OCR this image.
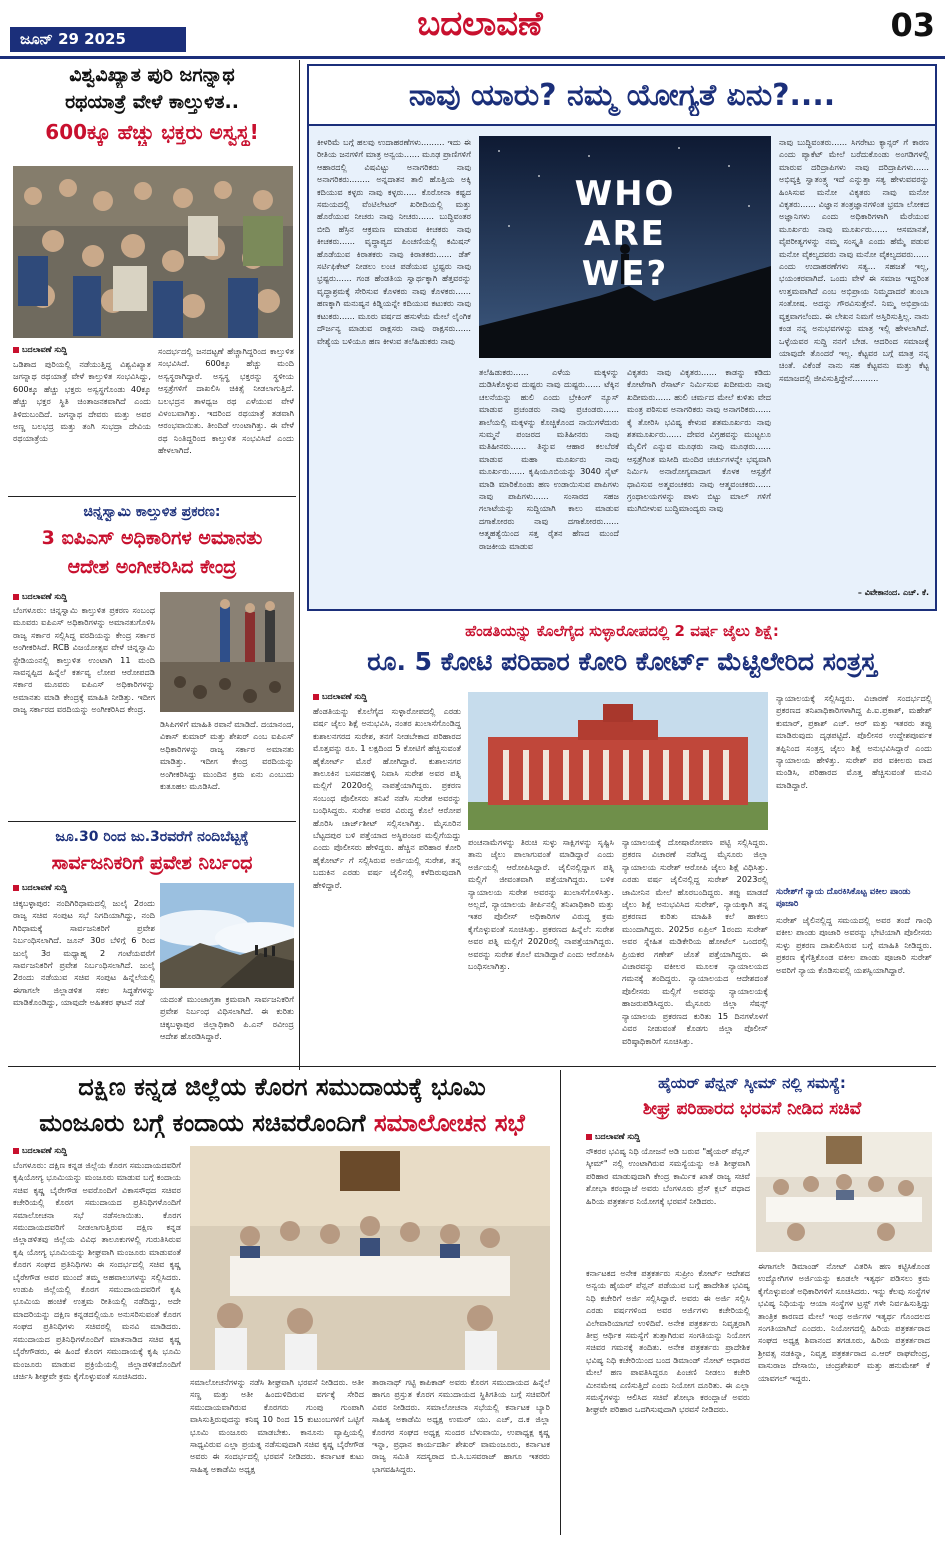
ಜೂನ್ 29 2025	ಬದಲಾವಣೆ	03
ವಿಶ್ವವಿಖ್ಯಾತ ಪುರಿ ಜಗನ್ನಾಥ
ರಥಯಾತ್ರೆ ವೇಳೆ ಕಾಲ್ತುಳಿತ..
600ಕ್ಕೂ ಹೆಚ್ಚು ಭಕ್ತರು ಅಸ್ವಸ್ಥ!
ಬದಲಾವಣೆ ಸುದ್ದಿ
ಒಡಿಶಾದ ಪುರಿಯಲ್ಲಿ ನಡೆಯುತ್ತಿದ್ದ ವಿಶ್ವವಿಖ್ಯಾತ ಜಗನ್ನಾಥ ರಥಯಾತ್ರೆ ವೇಳೆ ಕಾಲ್ತುಳಿತ ಸಂಭವಿಸಿದ್ದು, 600ಕ್ಕೂ ಹೆಚ್ಚು ಭಕ್ತರು ಅಸ್ವಸ್ಥಗೊಂಡು 40ಕ್ಕೂ ಹೆಚ್ಚು ಭಕ್ತರ ಸ್ಥಿತಿ ಚಿಂತಾಜನಕವಾಗಿದೆ ಎಂದು ತಿಳಿದುಬಂದಿದೆ. ಜಗನ್ನಾಥ ದೇವರು ಮತ್ತು ಅವರ ಅಣ್ಣ ಬಲಭದ್ರ ಮತ್ತು ತಂಗಿ ಸುಭದ್ರಾ ದೇವಿಯ ರಥಯಾತ್ರೆಯ
ಸಂದರ್ಭದಲ್ಲಿ ಜನದಟ್ಟಣೆ ಹೆಚ್ಚಾಗಿದ್ದರಿಂದ ಕಾಲ್ತುಳಿತ ಸಂಭವಿಸಿದೆ. 600ಕ್ಕೂ ಹೆಚ್ಚು ಮಂದಿ ಅಸ್ವಸ್ಥರಾಗಿದ್ದಾರೆ. ಅಸ್ವಸ್ಥ ಭಕ್ತರನ್ನು ಸ್ಥಳೀಯ ಆಸ್ಪತ್ರೆಗಳಿಗೆ ದಾಖಲಿಸಿ ಚಿಕಿತ್ಸೆ ನೀಡಲಾಗುತ್ತಿದೆ. ಬಲಭದ್ರನ ತಾಳಧ್ವಜ ರಥ ಎಳೆಯುವ ವೇಳೆ ವಿಳಂಬವಾಗಿತ್ತು. ಇದರಿಂದ ರಥಯಾತ್ರೆ ತಡವಾಗಿ ಆರಂಭವಾಯಿತು. ತೀಂದಿಡೆ ಉಂಟಾಗಿತ್ತು. ಈ ವೇಳೆ ರಥ ನಿಂತಿದ್ದರಿಂದ ಕಾಲ್ತುಳಿತ ಸಂಭವಿಸಿದೆ ಎಂದು ಹೇಳಲಾಗಿದೆ.
ಚಿನ್ನಸ್ವಾಮಿ ಕಾಲ್ತುಳಿತ ಪ್ರಕರಣ:
3 ಐಪಿಎಸ್ ಅಧಿಕಾರಿಗಳ ಅಮಾನತು
ಆದೇಶ ಅಂಗೀಕರಿಸಿದ ಕೇಂದ್ರ
ಬದಲಾವಣೆ ಸುದ್ದಿ
ಬೆಂಗಳೂರು: ಚಿನ್ನಸ್ವಾಮಿ ಕಾಲ್ತುಳಿತ ಪ್ರಕರಣ ಸಂಬಂಧ ಮೂವರು ಐಪಿಎಸ್ ಅಧಿಕಾರಿಗಳನ್ನು ಅಮಾನತುಗೊಳಿಸಿ ರಾಜ್ಯ ಸರ್ಕಾರ ಸಲ್ಲಿಸಿದ್ದ ವರದಿಯನ್ನು ಕೇಂದ್ರ ಸರ್ಕಾರ ಅಂಗೀಕರಿಸಿದೆ. RCB ವಿಜಯೋತ್ಸವ ವೇಳೆ ಚಿನ್ನಸ್ವಾಮಿ ಸ್ಟೇಡಿಯಂನಲ್ಲಿ ಕಾಲ್ತುಳಿತ ಉಂಟಾಗಿ 11 ಮಂದಿ ಸಾವನ್ನಪ್ಪಿದ ಹಿನ್ನೆಲೆ ಕರ್ತವ್ಯ ಲೋಪ ಆರೋಪದಡಿ ಸರ್ಕಾರ ಮೂವರು ಐಪಿಎಸ್ ಅಧಿಕಾರಿಗಳನ್ನು ಅಮಾನತು ಮಾಡಿ ಕೇಂದ್ರಕ್ಕೆ ಮಾಹಿತಿ ನೀಡಿತ್ತು. ಇದೀಗ ರಾಜ್ಯ ಸರ್ಕಾರದ ವರದಿಯನ್ನು ಅಂಗೀಕರಿಸಿದ ಕೇಂದ್ರ.
ಡಿಸಿಪಿಗಳಿಗೆ ಮಾಹಿತಿ ರವಾನೆ ಮಾಡಿದೆ. ದಯಾನಂದ, ವಿಕಾಸ್ ಕುಮಾರ್ ಮತ್ತು ಶೇಖರ್ ಎಂಬ ಐಪಿಎಸ್ ಅಧಿಕಾರಿಗಳನ್ನು ರಾಜ್ಯ ಸರ್ಕಾರ ಅಮಾನತು ಮಾಡಿತ್ತು. ಇದೀಗ ಕೇಂದ್ರ ವರದಿಯನ್ನು ಅಂಗೀಕರಿಸಿದ್ದು ಮುಂದಿನ ಕ್ರಮ ಏನು ಎಂಬುದು ಕುತೂಹಲ ಮೂಡಿಸಿದೆ.
ಜೂ.30 ರಿಂದ ಜು.3ರವರೆಗೆ ನಂದಿಬೆಟ್ಟಕ್ಕೆ
ಸಾರ್ವಜನಿಕರಿಗೆ ಪ್ರವೇಶ ನಿರ್ಬಂಧ
ಬದಲಾವಣೆ ಸುದ್ದಿ
ಚಿಕ್ಕಬಳ್ಳಾಪುರ: ನಂದಿಗಿರಿಧಾಮದಲ್ಲಿ ಜುಲೈ 2ರಂದು ರಾಜ್ಯ ಸಚಿವ ಸಂಪುಟ ಸಭೆ ನಿಗದಿಯಾಗಿದ್ದು, ನಂದಿ ಗಿರಿಧಾಮಕ್ಕೆ ಸಾರ್ವಜನಿಕರಿಗೆ ಪ್ರವೇಶ ನಿರ್ಬಂಧಿಸಲಾಗಿದೆ. ಜೂನ್ 30ರ ಬೆಳಿಗ್ಗೆ 6 ರಿಂದ ಜುಲೈ 3ರ ಮಧ್ಯಾಹ್ನ 2 ಗಂಟೆಯವರೆಗೆ ಸಾರ್ವಜನಿಕರಿಗೆ ಪ್ರವೇಶ ನಿರ್ಬಂಧಿಸಲಾಗಿದೆ. ಜುಲೈ 2ರಂದು ನಡೆಯುವ ಸಚಿವ ಸಂಪುಟ ಹಿನ್ನೆಲೆಯಲ್ಲಿ ಈಗಾಗಲೇ ಜಿಲ್ಲಾಡಳಿತ ಸಕಲ ಸಿದ್ಧತೆಗಳನ್ನು ಮಾಡಿಕೊಂಡಿದ್ದು, ಯಾವುದೇ ಅಹಿತಕರ ಘಟನೆ ನಡೆ	ಯದಂತೆ ಮುಂಜಾಗ್ರತಾ ಕ್ರಮವಾಗಿ ಸಾರ್ವಜನಿಕರಿಗೆ ಪ್ರವೇಶ ನಿರ್ಬಂಧ ವಿಧಿಸಲಾಗಿದೆ. ಈ ಕುರಿತು ಚಿಕ್ಕಬಳ್ಳಾಪುರ ಜಿಲ್ಲಾಧಿಕಾರಿ ಪಿ.ಎನ್ ರವೀಂದ್ರ ಆದೇಶ ಹೊರಡಿಸಿದ್ದಾರೆ.
ನಾವು ಯಾರು? ನಮ್ಮ ಯೋಗ್ಯತೆ ಏನು?....
ಕೀಳರಿಮೆ ಬಗ್ಗೆ ಹಲವು ಉದಾಹರಣೆಗಳು......... ಇದು ಈ ರೀತಿಯ ಜನಗಳಿಗೆ ಮಾತ್ರ ಅನ್ವಯ...... ಮೂಢ ಪ್ರಾಣಿಗಳಿಗೆ ಆಹಾರದಲ್ಲಿ ವಿಷವಿಟ್ಟು ಅನಾಗರಿಕರು ನಾವು ಅನಾಗರಿಕರು........ ಅನ್ನದಾತನ ತಾಲಿ ಹೊತ್ತಿಯ ಅಕ್ಕಿ ಕದಿಯುವ ಕಳ್ಳರು ನಾವು ಕಳ್ಳರು..... ಕೊರೋನಾ ಕಷ್ಟದ ಸಮಯದಲ್ಲಿ ವೆಂಟಿಲೇಟರ್ ಖರೀದಿಯಲ್ಲಿ ಮತ್ತು ಹೊರೆಯುವ ನೀಚರು ನಾವು ನೀಚರು...... ಬುದ್ಧಿವಂತರ ಬೀದಿ ಹೆಸ್ರಿನ ಆಕ್ರಮಣ ಮಾಡುವ ಕೀಚಕರು ನಾವು ಕೀಚಕರು...... ವೃದ್ಧಾಪ್ಯದ ಪಿಂಚಣಿಯಲ್ಲಿ ಕಮಿಷನ್ ಹೊಡೆಯುವ ಕಿರಾತಕರು ನಾವು ಕಿರಾತಕರು...... ಡೆತ್ ಸರ್ಟಿಫಿಕೇಟ್ ನೀಡಲು ಲಂಚ ಪಡೆಯುವ ಭ್ರಷ್ಟರು ನಾವು ಭ್ರಷ್ಟರು...... ಗಂಡ ಹೆಂಡತಿಯ ಸ್ವಾರ್ಥಕ್ಕಾಗಿ ಹೆತ್ತವರನ್ನು ವೃದ್ಧಾಶ್ರಮಕ್ಕೆ ಸೇರಿಸುವ ಕೊಳಕರು ನಾವು ಕೊಳಕರು...... ಹಣಕ್ಕಾಗಿ ಮನುಷ್ಯನ ಕಿಡ್ನಿಯನ್ನೇ ಕದಿಯುವ ಕಟುಕರು ನಾವು ಕಟುಕರು...... ಮೂರು ವರ್ಷದ ಹಸುಳೆಯ ಮೇಲೆ ಲೈಂಗಿಕ ದೌರ್ಜನ್ಯ ಮಾಡುವ ರಾಕ್ಷಸರು ನಾವು ರಾಕ್ಷಸರು...... ವೇಶ್ಯೆಯ ಬಳಿಯೂ ಹಣ ಕೀಳುವ ತಲೆಹಿಡುಕರು ನಾವು
WHO ARE WE?
ತಲೆಹಿಡುಕರು...... ಎಳೆಯ ಮಕ್ಕಳನ್ನು ದುಡಿಸಿಕೊಳ್ಳುವ ದುಷ್ಟರು ನಾವು ದುಷ್ಟರು...... ಟೆಕ್ಕಿನ ಚಲನೆಯನ್ನು ಹುಲಿ ಎಂದು ಬ್ರೇಕಿಂಗ್ ನ್ಯೂಸ್ ಮಾಡುವ ಪ್ರಚಂಡರು ನಾವು ಪ್ರಚಂಡರು...... ಶಾಲೆಯಲ್ಲಿ ಮಕ್ಕಳನ್ನು ಕೊಚ್ಚಿಕೊಂದ ನಾಯಿಗಳೆದುರು ಸುಮ್ಮನೆ ಪಂಜರದ ಮತಿಹೀನರು ನಾವು ಮತಿಹೀನರು...... ತಿನ್ನುವ ಆಹಾರ ಕಲಬೆರಕೆ ಮಾಡುವ ಮಹಾ ಮೂರ್ಖರು ನಾವು ಮೂರ್ಖರು...... ಕೃಷಿಯೂಬಿಯನ್ನು 3040 ಸೈಟ್ ಮಾಡಿ ಮಾರಿಕೊಂಡು ಹಣ ಉಡಾಯಿಸುವ ಪಾಪಿಗಳು ನಾವು ಪಾಪಿಗಳು...... ಸಂಸಾರದ ಸಹಜ ಗಲಾಟೆಯನ್ನು ಸುದ್ದಿಯಾಗಿ ಕಾಲು ಮಾಡುವ ದಗಾಕೋರರು ನಾವು ದಗಾಕೋರರು...... ಆತ್ಮಹತ್ಯೆಯಿಂದ ಸತ್ತ ರೈತನ ಹೆಣದ ಮುಂದೆ ರಾಜಕೀಯ ಮಾಡುವ
ವಿಕೃತರು ನಾವು ವಿಕೃತರು...... ಕಾಡನ್ನು ಕಡಿದು ಕೋಟೆಗಾಗಿ ರೆಸಾರ್ಟ್ ನಿರ್ಮಿಸುವ ಖದೀಮರು ನಾವು ಖದೀಮರು...... ಹುಲಿ ಚರ್ಮದ ಮೇಲೆ ಕುಳಿತು ವೇದ ಮಂತ್ರ ಪಠಿಸುವ ಅನಾಗರಿಕರು ನಾವು ಅನಾಗರಿಕರು...... ಕೈ ತೋರಿಸಿ ಭವಿಷ್ಯ ಕೇಳುವ ಶತಮೂರ್ಖರು ನಾವು ಶತಮೂರ್ಖರು...... ದೇವರ ವಿಗ್ರಹವನ್ನು ಮುಟ್ಟಲೂ ಮೈಲಿಗೆ ಎನ್ನುವ ಮೂಢರು ನಾವು ಮೂಢರು...... ಆಸ್ಪತ್ರೆಗಿಂತ ಮಸೀದಿ ಮಂದಿರ ಚರ್ಚುಗಳನ್ನೇ ಭವ್ಯವಾಗಿ ನಿರ್ಮಿಸಿ ಅನಾರೋಗ್ಯವಾದಾಗ ಕೊಳಕ ಆಸ್ಪತ್ರೆಗೆ ಧಾವಿಸುವ ಅತ್ಮವಂಚಕರು ನಾವು ಆತ್ಮವಂಚಕರು...... ಗ್ರಂಥಾಲಯಗಳನ್ನು ಪಾಳು ಬಿಟ್ಟು ಮಾಲ್ ಗಳಿಗೆ ಮುಗಿಬೀಳುವ ಬುದ್ಧಿಮಾಂದ್ಯರು ನಾವು
ನಾವು ಬುದ್ಧಿವಂತರು...... ಸಿಗರೇಟು ಕ್ಯಾನ್ಸರ್ ಗೆ ಕಾರಣ ಎಂದು ಪ್ಯಾಕೆಟ್ ಮೇಲೆ ಬರೆದುಕೊಂಡು ಅಂಗಡಿಗಳಲ್ಲಿ ಮಾರುವ ದರಿದ್ರಾಪಿಗಳು ನಾವು ದರಿದ್ರಾಪಿಗಳು...... ಅಭಿವ್ಯಕ್ತಿ ಸ್ವಾತಂತ್ರ್ಯ ಇದೆ ಎನ್ನುತ್ತಾ ಸತ್ಯ ಹೇಳುವವರನ್ನು ಹಿಂಸಿಸುವ ಮನೋ ವಿಕೃತರು ನಾವು ಮನೋ ವಿಕೃತರು...... ವಿಜ್ಞಾನ ತಂತ್ರಜ್ಞಾನಗಳಿಂತ ಭ್ರಮಾ ಲೋಕದ ಅಜ್ಞಾನಿಗಳು ಎಂದು ಅಧಿಕಾರಿಗಳಾಗಿ ಮೆರೆಯುವ ಮೂರ್ಖರು ನಾವು ಮೂರ್ಖರು...... ಆಸಮಾನತೆ, ವೈಪರೀತ್ಯಗಳನ್ನು ನಮ್ಮ ಸಂಸ್ಕೃತಿ ಎಂದು ಹೆಮ್ಮೆ ಪಡುವ ಮನೋ ವೈಕಲ್ಯದವರು ನಾವು ಮನೋ ವೈಕಲ್ಯದವರು...... ಎಂದು ಉದಾಹರಣೆಗಳು ಸತ್ಯ... ಸಹಜತೆ ಇಲ್ಲ, ಭಯಂಕರವಾಗಿದೆ. ಒಂದು ವೇಳೆ ಈ ಸಮಾಜ ಇದ್ದರಿಂತ ಉತ್ತಮವಾಗಿದೆ ಎಂಬ ಅಭಿಪ್ರಾಯ ನಿಮ್ಮದಾದರೆ ತುಂಬಾ ಸಂತೋಷ. ಅದನ್ನು ಗೌರವಿಸುತ್ತೇನೆ. ನಿಮ್ಮ ಅಭಿಪ್ರಾಯ ವ್ಯಕ್ತವಾಗಲೆಂದು. ಈ ಲೇಖನ ನಿಮಗೆ ಅಸ್ತಿರಿಸುತ್ತಿಲ್ಲ. ನಾನು ಕಂಡ ನನ್ನ ಅನುಭವಗಳನ್ನು ಮಾತ್ರ ಇಲ್ಲಿ ಹೇಳಲಾಗಿದೆ. ಒಳ್ಳೆಯವರ ಸುದ್ದಿ ನನಗೆ ಬೇಡ. ಆದರಿಂದ ಸಮಾಜಕ್ಕೆ ಯಾವುದೇ ತೊಂದರೆ ಇಲ್ಲ. ಕೆಟ್ಟವರ ಬಗ್ಗೆ ಮಾತ್ರ ನನ್ನ ಚಿಂತೆ. ವಿಕೆಂಡೆ ನಾನು ಸಹ ಕೆಟ್ಟವನು ಮತ್ತು ಕೆಟ್ಟ ಸಮಾಜದಲ್ಲಿ ಜೀವಿಸುತ್ತಿದ್ದೇನೆ..........
– ವಿವೇಕಾನಂದ. ಎಚ್. ಕೆ.
ಹೆಂಡತಿಯನ್ನು ಕೊಲೆಗೈದ ಸುಳ್ಳಾರೋಪದಲ್ಲಿ 2 ವರ್ಷ ಜೈಲು ಶಿಕ್ಷೆ:
ರೂ. 5 ಕೋಟಿ ಪರಿಹಾರ ಕೋರಿ ಕೋರ್ಟ್ ಮೆಟ್ಟಿಲೇರಿದ ಸಂತ್ರಸ್ತ
ಬದಲಾವಣೆ ಸುದ್ದಿ
ಹೆಂಡತಿಯನ್ನು ಕೊಲೆಗೈದ ಸುಳ್ಳಾರೋಪದಲ್ಲಿ ಎರಡು ವರ್ಷ ಜೈಲು ಶಿಕ್ಷೆ ಅನುಭವಿಸಿ, ನಂತರ ಖುಲಾಸೆಗೊಂಡಿದ್ದ ಕುಶಾಲನಗರದ ಸುರೇಶ, ತನಗೆ ನೀಡಬೇಕಾದ ಪರಿಹಾರದ ಮೊತ್ತವನ್ನು ರೂ. 1 ಲಕ್ಷದಿಂದ 5 ಕೋಟಿಗೆ ಹೆಚ್ಚಿಸುವಂತೆ ಹೈಕೋರ್ಟ್ ಮೊರೆ ಹೋಗಿದ್ದಾರೆ. ಕುಶಾಲನಗರ ತಾಲೂಕಿನ ಬಸವನಹಳ್ಳಿ ನಿವಾಸಿ ಸುರೇಶ ಅವರ ಪತ್ನಿ ಮಲ್ಲಿಗೆ 2020ರಲ್ಲಿ ನಾಪತ್ತೆಯಾಗಿದ್ದರು. ಪ್ರಕರಣ ಸಂಬಂಧ ಪೊಲೀಸರು ತನಿಖೆ ನಡೆಸಿ ಸುರೇಶ ಅವರನ್ನು ಬಂಧಿಸಿದ್ದರು. ಸುರೇಶ ಅವರ ವಿರುದ್ಧ ಕೊಲೆ ಆರೋಪ ಹೊರಿಸಿ ಚಾರ್ಜ್‌ಶೀಟ್ ಸಲ್ಲಿಸಲಾಗಿತ್ತು. ಮೈಸೂರಿನ ಬೆಟ್ಟದಪುರ ಬಳಿ ಪತ್ತೆಯಾದ ಅಸ್ಥಿಪಂಜರ ಮಲ್ಲಿಗೆಯದ್ದು ಎಂದು ಪೊಲೀಸರು ಹೇಳಿದ್ದರು. ಹೆಚ್ಚಿನ ಪರಿಹಾರ ಕೋರಿ ಹೈಕೋರ್ಟ್ ಗೆ ಸಲ್ಲಿಸಿರುವ ಅರ್ಜಿಯಲ್ಲಿ ಸುರೇಶ, ತನ್ನ ಬದುಕಿನ ಎರಡು ವರ್ಷ ಜೈಲಿನಲ್ಲಿ ಕಳೆದಿರುವುದಾಗಿ ಹೇಳಿದ್ದಾರೆ.
ಪಂಚನಾಮೆಗಳನ್ನು ತಿರುಚಿ ಸುಳ್ಳು ಸಾಕ್ಷಿಗಳನ್ನು ಸೃಷ್ಟಿಸಿ ತಾನು ಜೈಲು ಪಾಲಾಗುವಂತೆ ಮಾಡಿದ್ದಾರೆ ಎಂದು ಅರ್ಜಿಯಲ್ಲಿ ಆರೋಪಿಸಿದ್ದಾರೆ. ಜೈಲಿನಲ್ಲಿದ್ದಾಗ ಪತ್ನಿ ಮಲ್ಲಿಗೆ ಜೀವಂತವಾಗಿ ಪತ್ತೆಯಾಗಿದ್ದರು. ಬಳಿಕ ನ್ಯಾಯಾಲಯ ಸುರೇಶ ಅವರನ್ನು ಖುಲಾಸೆಗೊಳಿಸಿತ್ತು. ಅಲ್ಲದೆ, ನ್ಯಾಯಾಲಯ ತೀರ್ಪಿನಲ್ಲಿ ತನಿಖಾಧಿಕಾರಿ ಮತ್ತು ಇತರ ಪೊಲೀಸ್ ಅಧಿಕಾರಿಗಳ ವಿರುದ್ಧ ಕ್ರಮ ಕೈಗೊಳ್ಳುವಂತೆ ಸೂಚಿಸಿತ್ತು. ಪ್ರಕರಣದ ಹಿನ್ನೆಲೆ: ಸುರೇಶ ಅವರ ಪತ್ನಿ ಮಲ್ಲಿಗೆ 2020ರಲ್ಲಿ ನಾಪತ್ತೆಯಾಗಿದ್ದರು. ಅವರನ್ನು ಸುರೇಶ ಕೊಲೆ ಮಾಡಿದ್ದಾರೆ ಎಂದು ಆರೋಪಿಸಿ ಬಂಧಿಸಲಾಗಿತ್ತು.
ನ್ಯಾಯಾಲಯಕ್ಕೆ ದೋಷಾರೋಪಣ ಪಟ್ಟಿ ಸಲ್ಲಿಸಿದ್ದರು. ಪ್ರಕರಣ ವಿಚಾರಣೆ ನಡೆಸಿದ್ದ ಮೈಸೂರು ಜಿಲ್ಲಾ ನ್ಯಾಯಾಲಯ ಸುರೇಶ್ ಆರೋಪಿ ಜೈಲು ಶಿಕ್ಷೆ ವಿಧಿಸಿತ್ತು. ಎರಡು ವರ್ಷ ಜೈಲಿನಲ್ಲಿದ್ದ ಸುರೇಶ್ 2023ರಲ್ಲಿ ಜಾಮೀನಿನ ಮೇಲೆ ಹೊರಬಂದಿದ್ದರು. ತಪ್ಪು ಮಾಡದೆ ಜೈಲು ಶಿಕ್ಷೆ ಅನುಭವಿಸಿದ ಸುರೇಶ್, ನ್ಯಾಯಕ್ಕಾಗಿ ತನ್ನ ಪ್ರಕರಣದ ಕುರಿತು ಮಾಹಿತಿ ಕಲೆ ಹಾಕಲು ಮುಂದಾಗಿದ್ದರು. 2025ರ ಏಪ್ರಿಲ್ 1ರಂದು ಸುರೇಶ್ ಅವರ ಸ್ನೇಹಿತ ಮಡಿಕೇರಿಯ ಹೋಟೆಲ್ ಒಂದರಲ್ಲಿ ಪ್ರಿಯಕರ ಗಣೇಶ್ ಜೊತೆ ಪತ್ತೆಯಾಗಿದ್ದರು. ಈ ವಿಚಾರವನ್ನು ವಕೀಲರ ಮೂಲಕ ನ್ಯಾಯಾಲಯದ ಗಮನಕ್ಕೆ ತಂದಿದ್ದರು. ನ್ಯಾಯಾಲಯದ ಆದೇಶದಂತೆ ಪೊಲೀಸರು ಮಲ್ಲಿಗೆ ಅವರನ್ನು ನ್ಯಾಯಾಲಯಕ್ಕೆ ಹಾಜರುಪಡಿಸಿದ್ದರು. ಮೈಸೂರು ಜಿಲ್ಲಾ ಸೆಷನ್ಸ್ ನ್ಯಾಯಾಲಯ ಪ್ರಕರಣದ ಕುರಿತು 15 ದಿನಗಳೊಳಗೆ ವಿವರ ನೀಡುವಂತೆ ಕೊಡಗು ಜಿಲ್ಲಾ ಪೊಲೀಸ್ ವರಿಷ್ಠಾಧಿಕಾರಿಗೆ ಸೂಚಿಸಿತ್ತು.
ನ್ಯಾಯಾಲಯಕ್ಕೆ ಸಲ್ಲಿಸಿದ್ದರು. ವಿಚಾರಣೆ ಸಂದರ್ಭದಲ್ಲಿ ಪ್ರಕರಣದ ತನಿಖಾಧಿಕಾರಿಗಳಾಗಿದ್ದ ಪಿ.ಐ.ಪ್ರಕಾಶ್, ಮಹೇಶ್ ಕುಮಾರ್, ಪ್ರಕಾಶ್ ಎಚ್. ಆರ್ ಮತ್ತು ಇತರರು ತಪ್ಪು ಮಾಡಿರುವುದು ದೃಢಪಟ್ಟಿದೆ. ಪೊಲೀಸರ ಉದ್ದೇಶಪೂರ್ವಕ ತಪ್ಪಿನಿಂದ ಸಂತ್ರಸ್ತ ಜೈಲು ಶಿಕ್ಷೆ ಅನುಭವಿಸಿದ್ದಾರೆ ಎಂದು ನ್ಯಾಯಾಲಯ ಹೇಳಿತ್ತು. ಸುರೇಶ್ ಪರ ವಕೀಲರು ವಾದ ಮಂಡಿಸಿ, ಪರಿಹಾರದ ಮೊತ್ತ ಹೆಚ್ಚಿಸುವಂತೆ ಮನವಿ ಮಾಡಿದ್ದಾರೆ.
ಸುರೇಶ್‌ಗೆ ನ್ಯಾಯ ದೊರಕಿಸಿಕೊಟ್ಟ ವಕೀಲ ಪಾಂಡು ಪೂಜಾರಿ
ಸುರೇಶ್ ಜೈಲಿನಲ್ಲಿದ್ದ ಸಮಯದಲ್ಲಿ ಅವರ ತಂದೆ ಗಾಂಧಿ ವಕೀಲ ಪಾಂಡು ಪೂಜಾರಿ ಅವರನ್ನು ಭೇಟಿಯಾಗಿ ಪೊಲೀಸರು ಸುಳ್ಳು ಪ್ರಕರಣ ದಾಖಲಿಸಿರುವ ಬಗ್ಗೆ ಮಾಹಿತಿ ನೀಡಿದ್ದರು. ಪ್ರಕರಣ ಕೈಗೆತ್ತಿಕೊಂಡ ವಕೀಲ ಪಾಂಡು ಪೂಜಾರಿ ಸುರೇಶ್ ಅವರಿಗೆ ನ್ಯಾಯ ಕೊಡಿಸುವಲ್ಲಿ ಯಶಸ್ವಿಯಾಗಿದ್ದಾರೆ.
ದಕ್ಷಿಣ ಕನ್ನಡ ಜಿಲ್ಲೆಯ ಕೊರಗ ಸಮುದಾಯಕ್ಕೆ ಭೂಮಿ
ಮಂಜೂರು ಬಗ್ಗೆ ಕಂದಾಯ ಸಚಿವರೊಂದಿಗೆ ಸಮಾಲೋಚನ ಸಭೆ
ಬದಲಾವಣೆ ಸುದ್ದಿ
ಬೆಂಗಳೂರು: ದಕ್ಷಿಣ ಕನ್ನಡ ಜಿಲ್ಲೆಯ ಕೊರಗ ಸಮುದಾಯದವರಿಗೆ ಕೃಷಿಯೋಗ್ಯ ಭೂಮಿಯನ್ನು ಮಂಜೂರು ಮಾಡುವ ಬಗ್ಗೆ ಕಂದಾಯ ಸಚಿವ ಕೃಷ್ಣ ಬೈರೇಗೌಡ ಅವರೊಂದಿಗೆ ವಿಕಾಸಸೌಧದ ಸಚಿವರ ಕಚೇರಿಯಲ್ಲಿ ಕೊರಗ ಸಮುದಾಯದ ಪ್ರತಿನಿಧಿಗಳೊಂದಿಗೆ ಸಮಾಲೋಚನಾ ಸಭೆ ನಡೆಸಲಾಯಿತು. ಕೊರಗ ಸಮುದಾಯದವರಿಗೆ ನೀಡಲಾಗುತ್ತಿರುವ ದಕ್ಷಿಣ ಕನ್ನಡ ಜಿಲ್ಲಾಡಳಿತವು ಜಿಲ್ಲೆಯ ವಿವಿಧ ತಾಲೂಕುಗಳಲ್ಲಿ ಗುರುತಿಸಿರುವ ಕೃಷಿ ಯೋಗ್ಯ ಭೂಮಿಯನ್ನು ಶೀಘ್ರವಾಗಿ ಮಂಜೂರು ಮಾಡುವಂತೆ ಕೊರಗ ಸಂಘದ ಪ್ರತಿನಿಧಿಗಳು ಈ ಸಂದರ್ಭದಲ್ಲಿ ಸಚಿವ ಕೃಷ್ಣ ಬೈರೇಗೌಡ ಅವರ ಮುಂದೆ ತಮ್ಮ ಅಹವಾಲುಗಳನ್ನು ಸಲ್ಲಿಸಿದರು. ಉಡುಪಿ ಜಿಲ್ಲೆಯಲ್ಲಿ ಕೊರಗ ಸಮುದಾಯದವರಿಗೆ ಕೃಷಿ ಭೂಮಿಯ ಹಂಚಿಕೆ ಉತ್ತಮ ರೀತಿಯಲ್ಲಿ ನಡೆದಿದ್ದು, ಅದೇ ಮಾದರಿಯನ್ನು ದಕ್ಷಿಣ ಕನ್ನಡದಲ್ಲಿಯೂ ಅನುಸರಿಸುವಂತೆ ಕೊರಗ ಸಂಘದ ಪ್ರತಿನಿಧಿಗಳು ಸಚಿವರಲ್ಲಿ ಮನವಿ ಮಾಡಿದರು. ಸಮುದಾಯದ ಪ್ರತಿನಿಧಿಗಳೊಂದಿಗೆ ಮಾತನಾಡಿದ ಸಚಿವ ಕೃಷ್ಣ ಬೈರೇಗೌಡರು, ಈ ಹಿಂದೆ ಕೊರಗ ಸಮುದಾಯಕ್ಕೆ ಕೃಷಿ ಭೂಮಿ ಮಂಜೂರು ಮಾಡುವ ಪ್ರಕ್ರಿಯೆಯಲ್ಲಿ ಜಿಲ್ಲಾಡಳಿತದೊಂದಿಗೆ ಚರ್ಚಿಸಿ ಶೀಘ್ರವೇ ಕ್ರಮ ಕೈಗೊಳ್ಳುವಂತೆ ಸೂಚಿಸಿದರು.
ಸಮಾಲೋಚನೆಗಳನ್ನು ನಡೆಸಿ ಶೀಘ್ರವಾಗಿ ಭರವಸೆ ನೀಡಿದರು. ಅತೀ ಸಣ್ಣ ಮತ್ತು ಅತೀ ಹಿಂದುಳಿದಿರುವ ವರ್ಗಕ್ಕೆ ಸೇರಿದ ಸಮುದಾಯವಾಗಿರುವ ಕೊರಗರು ಗುಂಪು ಗುಂಪಾಗಿ ವಾಸಿಸುತ್ತಿರುವುದನ್ನು ಕನಿಷ್ಠ 10 ರಿಂದ 15 ಕುಟುಂಬಗಳಿಗೆ ಒಟ್ಟಿಗೆ ಭೂಮಿ ಮಂಜೂರು ಮಾಡಬೇಕು. ಕಾನೂನು ವ್ಯಾಪ್ತಿಯಲ್ಲಿ ಸಾಧ್ಯವಿರುವ ಎಲ್ಲಾ ಪ್ರಯತ್ನ ನಡೆಸುವುದಾಗಿ ಸಚಿವ ಕೃಷ್ಣ ಬೈರೇಗೌಡ ಅವರು ಈ ಸಂದರ್ಭದಲ್ಲಿ ಭರವಸೆ ನೀಡಿದರು. ಕರ್ನಾಟಕ ಕುಟು ಸಾಹಿತ್ಯ ಅಕಾಡೆಮಿ ಅಧ್ಯಕ್ಷ
ತಾರಾನಾಥ್ ಗಟ್ಟಿ ಕಾಪಿಕಾಡ್ ಅವರು ಕೊರಗ ಸಮುದಾಯದ ಹಿನ್ನೆಲೆ ಹಾಗೂ ಪ್ರಸ್ತುತ ಕೊರಗ ಸಮುದಾಯದ ಸ್ಥಿತಿಗತಿಯ ಬಗ್ಗೆ ಸಚಿವರಿಗೆ ವಿವರ ನೀಡಿದರು. ಸಮಾಲೋಚನಾ ಸಭೆಯಲ್ಲಿ ಕರ್ನಾಟಕ ಬ್ಯಾರಿ ಸಾಹಿತ್ಯ ಅಕಾಡೆಮಿ ಅಧ್ಯಕ್ಷ ಉಮರ್ ಯು. ಎಚ್, ದ.ಕ ಜಿಲ್ಲಾ ಕೊರಗರ ಸಂಘದ ಅಧ್ಯಕ್ಷ ಸುಂದರ ಬೆಳುವಾಯಿ, ಉಪಾಧ್ಯಕ್ಷ ಕೃಷ್ಣ ಇನ್ನಾ, ಪ್ರಧಾನ ಕಾರ್ಯದರ್ಶಿ ಶೇಖರ್ ವಾಮಂಜೂರು, ಕರ್ನಾಟಕ ರಾಜ್ಯ ಸಮಿತಿ ಸದಸ್ಯರಾದ ಬಿ.ಸಿ.ಬಸವರಾಜ್ ಹಾಗೂ ಇತರರು ಭಾಗವಹಿಸಿದ್ದರು.
ಹೈಯರ್ ಪೆನ್ಷನ್ ಸ್ಕೀಮ್ ನಲ್ಲಿ ಸಮಸ್ಯೆ:
ಶೀಘ್ರ ಪರಿಹಾರದ ಭರವಸೆ ನೀಡಿದ ಸಚಿವೆ
ಬದಲಾವಣೆ ಸುದ್ದಿ
ನೌಕರರ ಭವಿಷ್ಯ ನಿಧಿ ಯೋಜನೆ ಅಡಿ ಬರುವ "ಹೈಯರ್ ಪೆನ್ಷನ್ ಸ್ಕೀಮ್" ನಲ್ಲಿ ಉಂಟಾಗಿರುವ ಸಮಸ್ಯೆಯನ್ನು ಅತಿ ಶೀಘ್ರವಾಗಿ ಪರಿಹಾರ ಮಾಡುವುದಾಗಿ ಕೇಂದ್ರ ಕಾರ್ಮಿಕ ಖಾತೆ ರಾಜ್ಯ ಸಚಿವೆ ಶೋಭಾ ಕರಂದ್ಲಾಜೆ ಅವರು ಬೆಂಗಳೂರು ಪ್ರೆಸ್ ಕ್ಲಬ್ ಪಧಾದ ಹಿರಿಯ ಪತ್ರಕರ್ತರ ನಿಯೋಗಕ್ಕೆ ಭರವಸೆ ನೀಡಿದರು.
ಕರ್ನಾಟಕದ ಅನೇಕ ಪತ್ರಕರ್ತರು ಸುಪ್ರೀಂ ಕೋರ್ಟ್ ಆದೇಶದ ಅನ್ವಯ ಹೈಯರ್ ಪೆನ್ಷನ್ ಪಡೆಯುವ ಬಗ್ಗೆ ಹಾದೇಶಿತ ಭವಿಷ್ಯ ನಿಧಿ ಕಚೇರಿಗೆ ಅರ್ಜಿ ಸಲ್ಲಿಸಿದ್ದಾರೆ. ಅವರು ಈ ಅರ್ಜಿ ಸಲ್ಲಿಸಿ ಎರಡು ವರ್ಷಗಳಿಂದ ಅವರ ಅರ್ಜಿಗಳು ಕಚೇರಿಯಲ್ಲಿ ವಿಲೇವಾರಿಯಾಗದೆ ಉಳಿದಿವೆ. ಅನೇಕ ಪತ್ರಕರ್ತರು ನಿವೃತ್ತರಾಗಿ ತೀವ್ರ ಆರ್ಥಿಕ ಸಮಸ್ಯೆಗೆ ತುತ್ತಾಗಿರುವ ಸಂಗತಿಯನ್ನು ನಿಯೋಗ ಸಚಿವರ ಗಮನಕ್ಕೆ ತಂದಿತು. ಅನೇಕ ಪತ್ರಕರ್ತರು ಪ್ರಾದೇಶಿಕ ಭವಿಷ್ಯ ನಿಧಿ ಕಚೇರಿಯಿಂದ ಬಂದ ಡಿಮಾಂಡ್ ನೋಟ್ ಆಧಾರದ ಮೇಲೆ ಹಣ ಪಾವತಿಸಿದ್ದರೂ ಪಿಂಚಣಿ ನೀಡಲು ಕಚೇರಿ ಮೀನಮೇಷ ಎಣಿಸುತ್ತಿದೆ ಎಂದು ನಿಯೋಗ ದೂರಿತು. ಈ ಎಲ್ಲಾ ಸಮಸ್ಯೆಗಳನ್ನು ಆಲಿಸಿದ ಸಚಿವೆ ಶೋಭಾ ಕರಂದ್ಲಾಜೆ ಅವರು ಶೀಘ್ರವೇ ಪರಿಹಾರ ಒದಗಿಸುವುದಾಗಿ ಭರವಸೆ ನೀಡಿದರು.
ಈಗಾಗಲೇ ಡಿಮಾಂಡ್ ನೋಟ್ ವಿತರಿಸಿ ಹಣ ಕಟ್ಟಿಸಿಕೊಂಡ ಉದ್ಯೋಗಿಗಳ ಅರ್ಜಿಯನ್ನು ಕೂಡಲೇ ಇತ್ಯರ್ಥ ಪಡಿಸಲು ಕ್ರಮ ಕೈಗೊಳ್ಳುವಂತೆ ಅಧಿಕಾರಿಗಳಿಗೆ ಸೂಚಿಸಿದರು. ಇನ್ನು ಕೆಲವು ಸಂಸ್ಥೆಗಳ ಭವಿಷ್ಯ ನಿಧಿಯನ್ನು ಆಯಾ ಸಂಸ್ಥೆಗಳ ಟ್ರಸ್ಟ್ ಗಳೇ ನಿರ್ವಹಿಸುತ್ತಿದ್ದು ತಾಂತ್ರಿಕ ಕಾರಣದ ಮೇಲೆ ಇಂಥ ಅರ್ಜಿಗಳ ಇತ್ಯರ್ಥ ಗೊಂದಲದ ಸಂಗತಿಯಾಗಿದೆ ಎಂದರು. ನಿಯೋಗದಲ್ಲಿ ಹಿರಿಯ ಪತ್ರಕರ್ತರಾದ ಸಂಘದ ಅಧ್ಯಕ್ಷ ಶಿವಾನಂದ ತಗಡೂರು, ಹಿರಿಯ ಪತ್ರಕರ್ತರಾದ ಶ್ರೀವತ್ಸ ನಡಕಿನ್ನಾ, ನಿವೃತ್ತ ಪತ್ರಕರ್ತರಾದ ಎ.ಆರ್ ರಾಘವೇಂದ್ರ, ವಾಸುರಾಜ ದೇಸಾಯಿ, ಚಂದ್ರಶೇಖರ್ ಮತ್ತು ಹನುಮೇಶ್ ಕೆ ಯಾವಗಲ್ ಇದ್ದರು.
